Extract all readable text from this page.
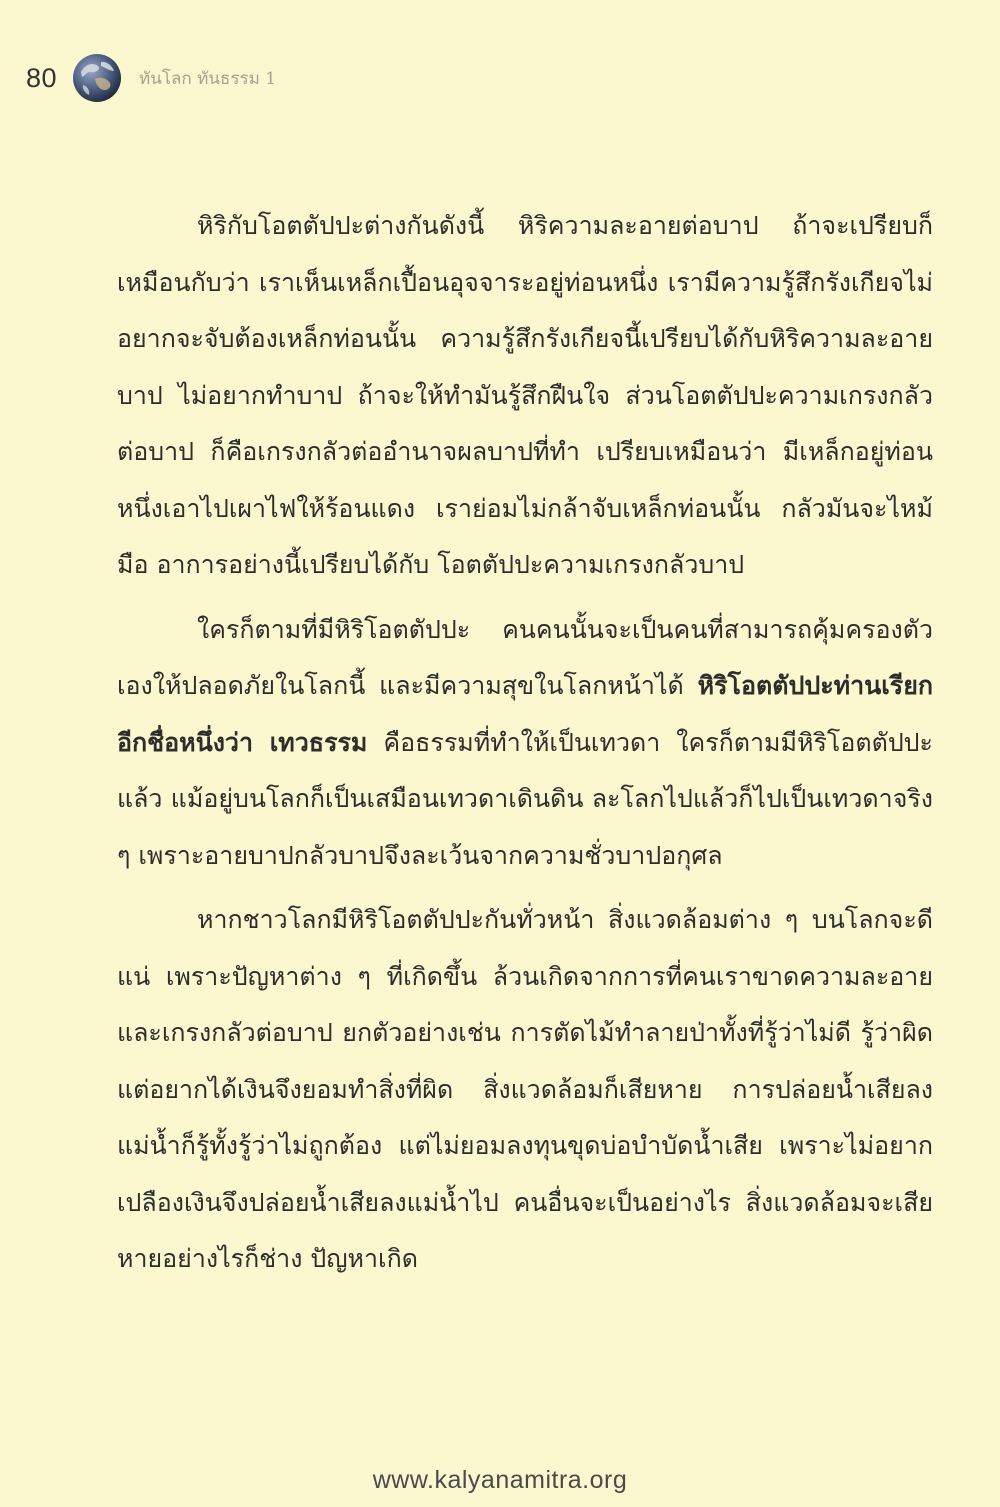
80	ทันโลก ทันธรรม 1

หิริกับโอตตัปปะต่างกันดังนี้ หิริความละอายต่อบาป ถ้าจะเปรียบก็เหมือนกับว่า เราเห็นเหล็กเปื้อนอุจจาระอยู่ท่อนหนึ่ง เรามีความรู้สึกรังเกียจไม่อยากจะจับต้องเหล็กท่อนนั้น ความรู้สึกรังเกียจนี้เปรียบได้กับหิริความละอายบาป ไม่อยากทำบาป ถ้าจะให้ทำมันรู้สึกฝืนใจ ส่วนโอตตัปปะความเกรงกลัวต่อบาป ก็คือเกรงกลัวต่ออำนาจผลบาปที่ทำ เปรียบเหมือนว่า มีเหล็กอยู่ท่อนหนึ่งเอาไปเผาไฟให้ร้อนแดง เราย่อมไม่กล้าจับเหล็กท่อนนั้น กลัวมันจะไหม้มือ อาการอย่างนี้เปรียบได้กับ โอตตัปปะความเกรงกลัวบาป

ใครก็ตามที่มีหิริโอตตัปปะ คนคนนั้นจะเป็นคนที่สามารถคุ้มครองตัวเองให้ปลอดภัยในโลกนี้ และมีความสุขในโลกหน้าได้ หิริโอตตัปปะท่านเรียกอีกชื่อหนึ่งว่า เทวธรรม คือธรรมที่ทำให้เป็นเทวดา ใครก็ตามมีหิริโอตตัปปะแล้ว แม้อยู่บนโลกก็เป็นเสมือนเทวดาเดินดิน ละโลกไปแล้วก็ไปเป็นเทวดาจริง ๆ เพราะอายบาปกลัวบาปจึงละเว้นจากความชั่วบาปอกุศล

หากชาวโลกมีหิริโอตตัปปะกันทั่วหน้า สิ่งแวดล้อมต่าง ๆ บนโลกจะดีแน่ เพราะปัญหาต่าง ๆ ที่เกิดขึ้น ล้วนเกิดจากการที่คนเราขาดความละอายและเกรงกลัวต่อบาป ยกตัวอย่างเช่น การตัดไม้ทำลายป่าทั้งที่รู้ว่าไม่ดี รู้ว่าผิด แต่อยากได้เงินจึงยอมทำสิ่งที่ผิด สิ่งแวดล้อมก็เสียหาย การปล่อยน้ำเสียลงแม่น้ำก็รู้ทั้งรู้ว่าไม่ถูกต้อง แต่ไม่ยอมลงทุนขุดบ่อบำบัดน้ำเสีย เพราะไม่อยากเปลืองเงินจึงปล่อยน้ำเสียลงแม่น้ำไป คนอื่นจะเป็นอย่างไร สิ่งแวดล้อมจะเสียหายอย่างไรก็ช่าง ปัญหาเกิด

www.kalyanamitra.org
